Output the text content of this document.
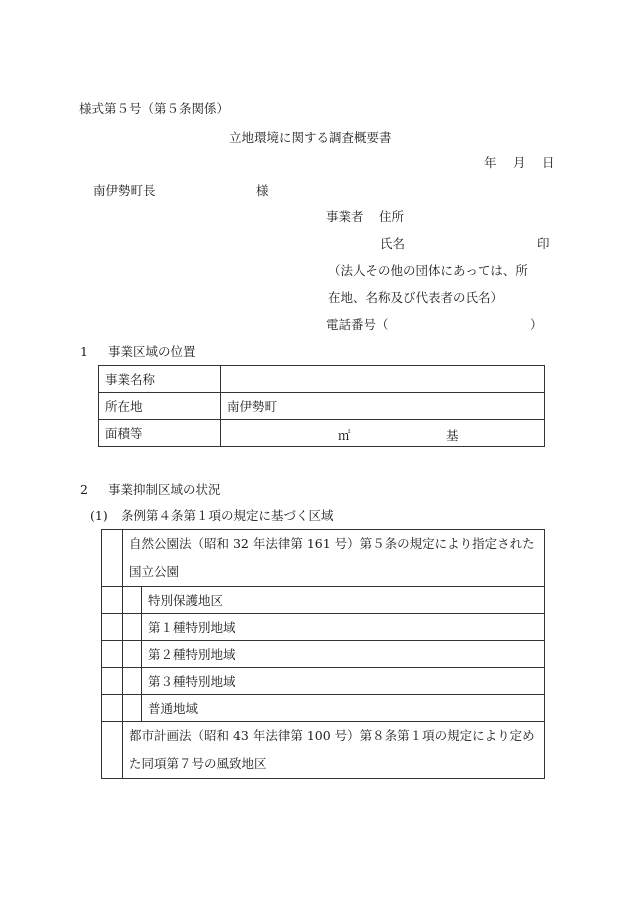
様式第５号（第５条関係）
立地環境に関する調査概要書
年　 月　 日
南伊勢町長	様
事業者 住所
氏名	印
（法人その他の団体にあっては、所
在地、名称及び代表者の氏名）
電話番号（	）
1 事業区域の位置
事業名称	
所在地	南伊勢町
面積等	㎡ 基
2 事業抑制区域の状況
(1) 条例第４条第１項の規定に基づく区域
	自然公園法（昭和 32 年法律第 161 号）第５条の規定により指定された国立公園	
		特別保護地区
		第１種特別地域
		第２種特別地域
		第３種特別地域
		普通地域
	都市計画法（昭和 43 年法律第 100 号）第８条第１項の規定により定めた同項第７号の風致地区	
